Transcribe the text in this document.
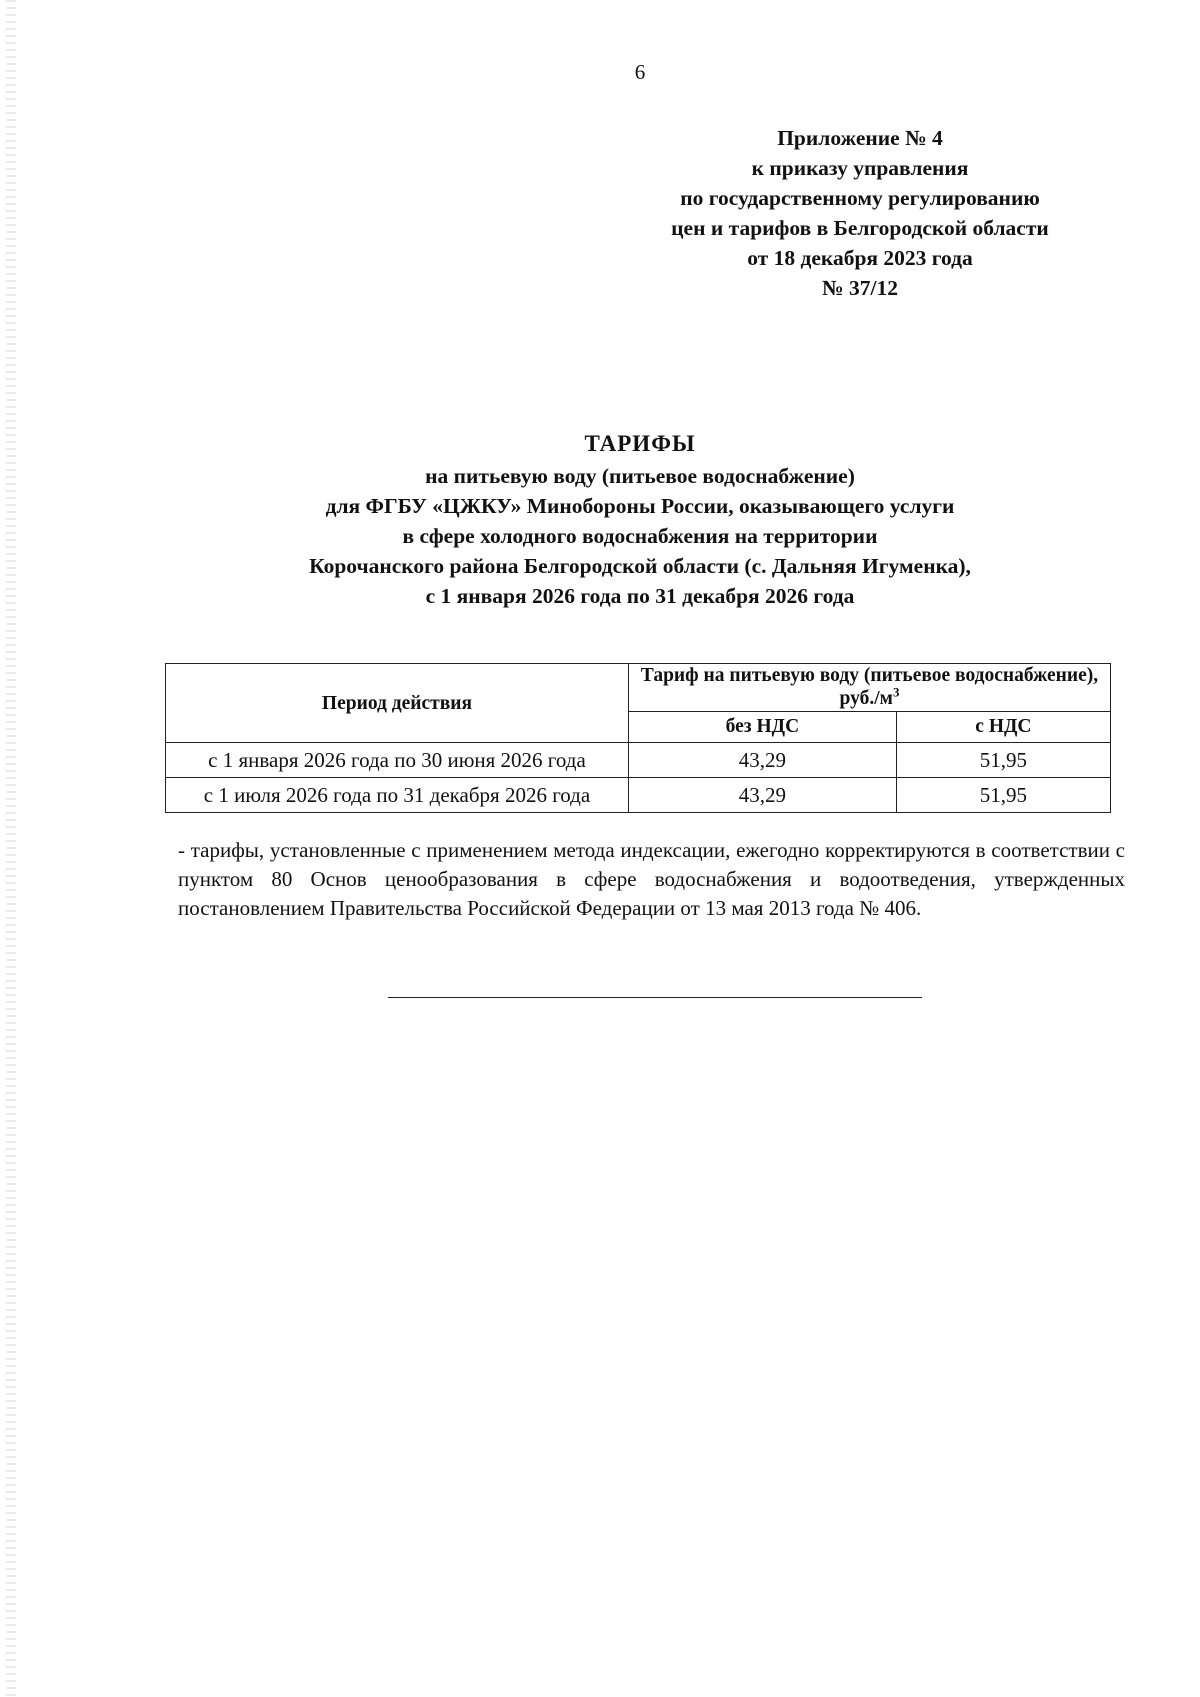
6
Приложение № 4
к приказу управления
по государственному регулированию
цен и тарифов в Белгородской области
от 18 декабря 2023 года
№ 37/12
ТАРИФЫ
на питьевую воду (питьевое водоснабжение)
для ФГБУ «ЦЖКУ» Минобороны России, оказывающего услуги
в сфере холодного водоснабжения на территории
Корочанского района Белгородской области (с. Дальняя Игуменка),
с 1 января 2026 года по 31 декабря 2026 года
Период действия	Тариф на питьевую воду (питьевое водоснабжение), $руб./м^3$
	без НДС	с НДС
с 1 января 2026 года по 30 июня 2026 года	43,29	51,95
с 1 июля 2026 года по 31 декабря 2026 года	43,29	51,95
- тарифы, установленные с применением метода индексации, ежегодно корректируются в соответствии с пунктом 80 Основ ценообразования в сфере водоснабжения и водоотведения, утвержденных постановлением Правительства Российской Федерации от 13 мая 2013 года № 406.
